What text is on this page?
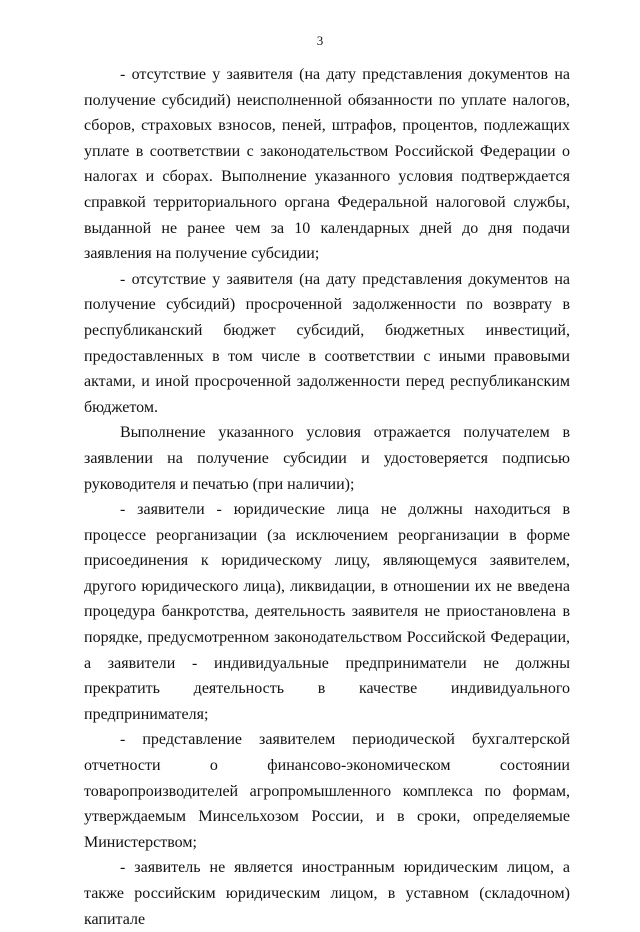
3

- отсутствие у заявителя (на дату представления документов на получение субсидий) неисполненной обязанности по уплате налогов, сборов, страховых взносов, пеней, штрафов, процентов, подлежащих уплате в соответствии с законодательством Российской Федерации о налогах и сборах. Выполнение указанного условия подтверждается справкой территориального органа Федеральной налоговой службы, выданной не ранее чем за 10 календарных дней до дня подачи заявления на получение субсидии;

- отсутствие у заявителя (на дату представления документов на получение субсидий) просроченной задолженности по возврату в республиканский бюджет субсидий, бюджетных инвестиций, предоставленных в том числе в соответствии с иными правовыми актами, и иной просроченной задолженности перед республиканским бюджетом.

Выполнение указанного условия отражается получателем в заявлении на получение субсидии и удостоверяется подписью руководителя и печатью (при наличии);

- заявители - юридические лица не должны находиться в процессе реорганизации (за исключением реорганизации в форме присоединения к юридическому лицу, являющемуся заявителем, другого юридического лица), ликвидации, в отношении их не введена процедура банкротства, деятельность заявителя не приостановлена в порядке, предусмотренном законодательством Российской Федерации, а заявители - индивидуальные предприниматели не должны прекратить деятельность в качестве индивидуального предпринимателя;

- представление заявителем периодической бухгалтерской отчетности о финансово-экономическом состоянии товаропроизводителей агропромышленного комплекса по формам, утверждаемым Минсельхозом России, и в сроки, определяемые Министерством;

- заявитель не является иностранным юридическим лицом, а также российским юридическим лицом, в уставном (складочном) капитале
